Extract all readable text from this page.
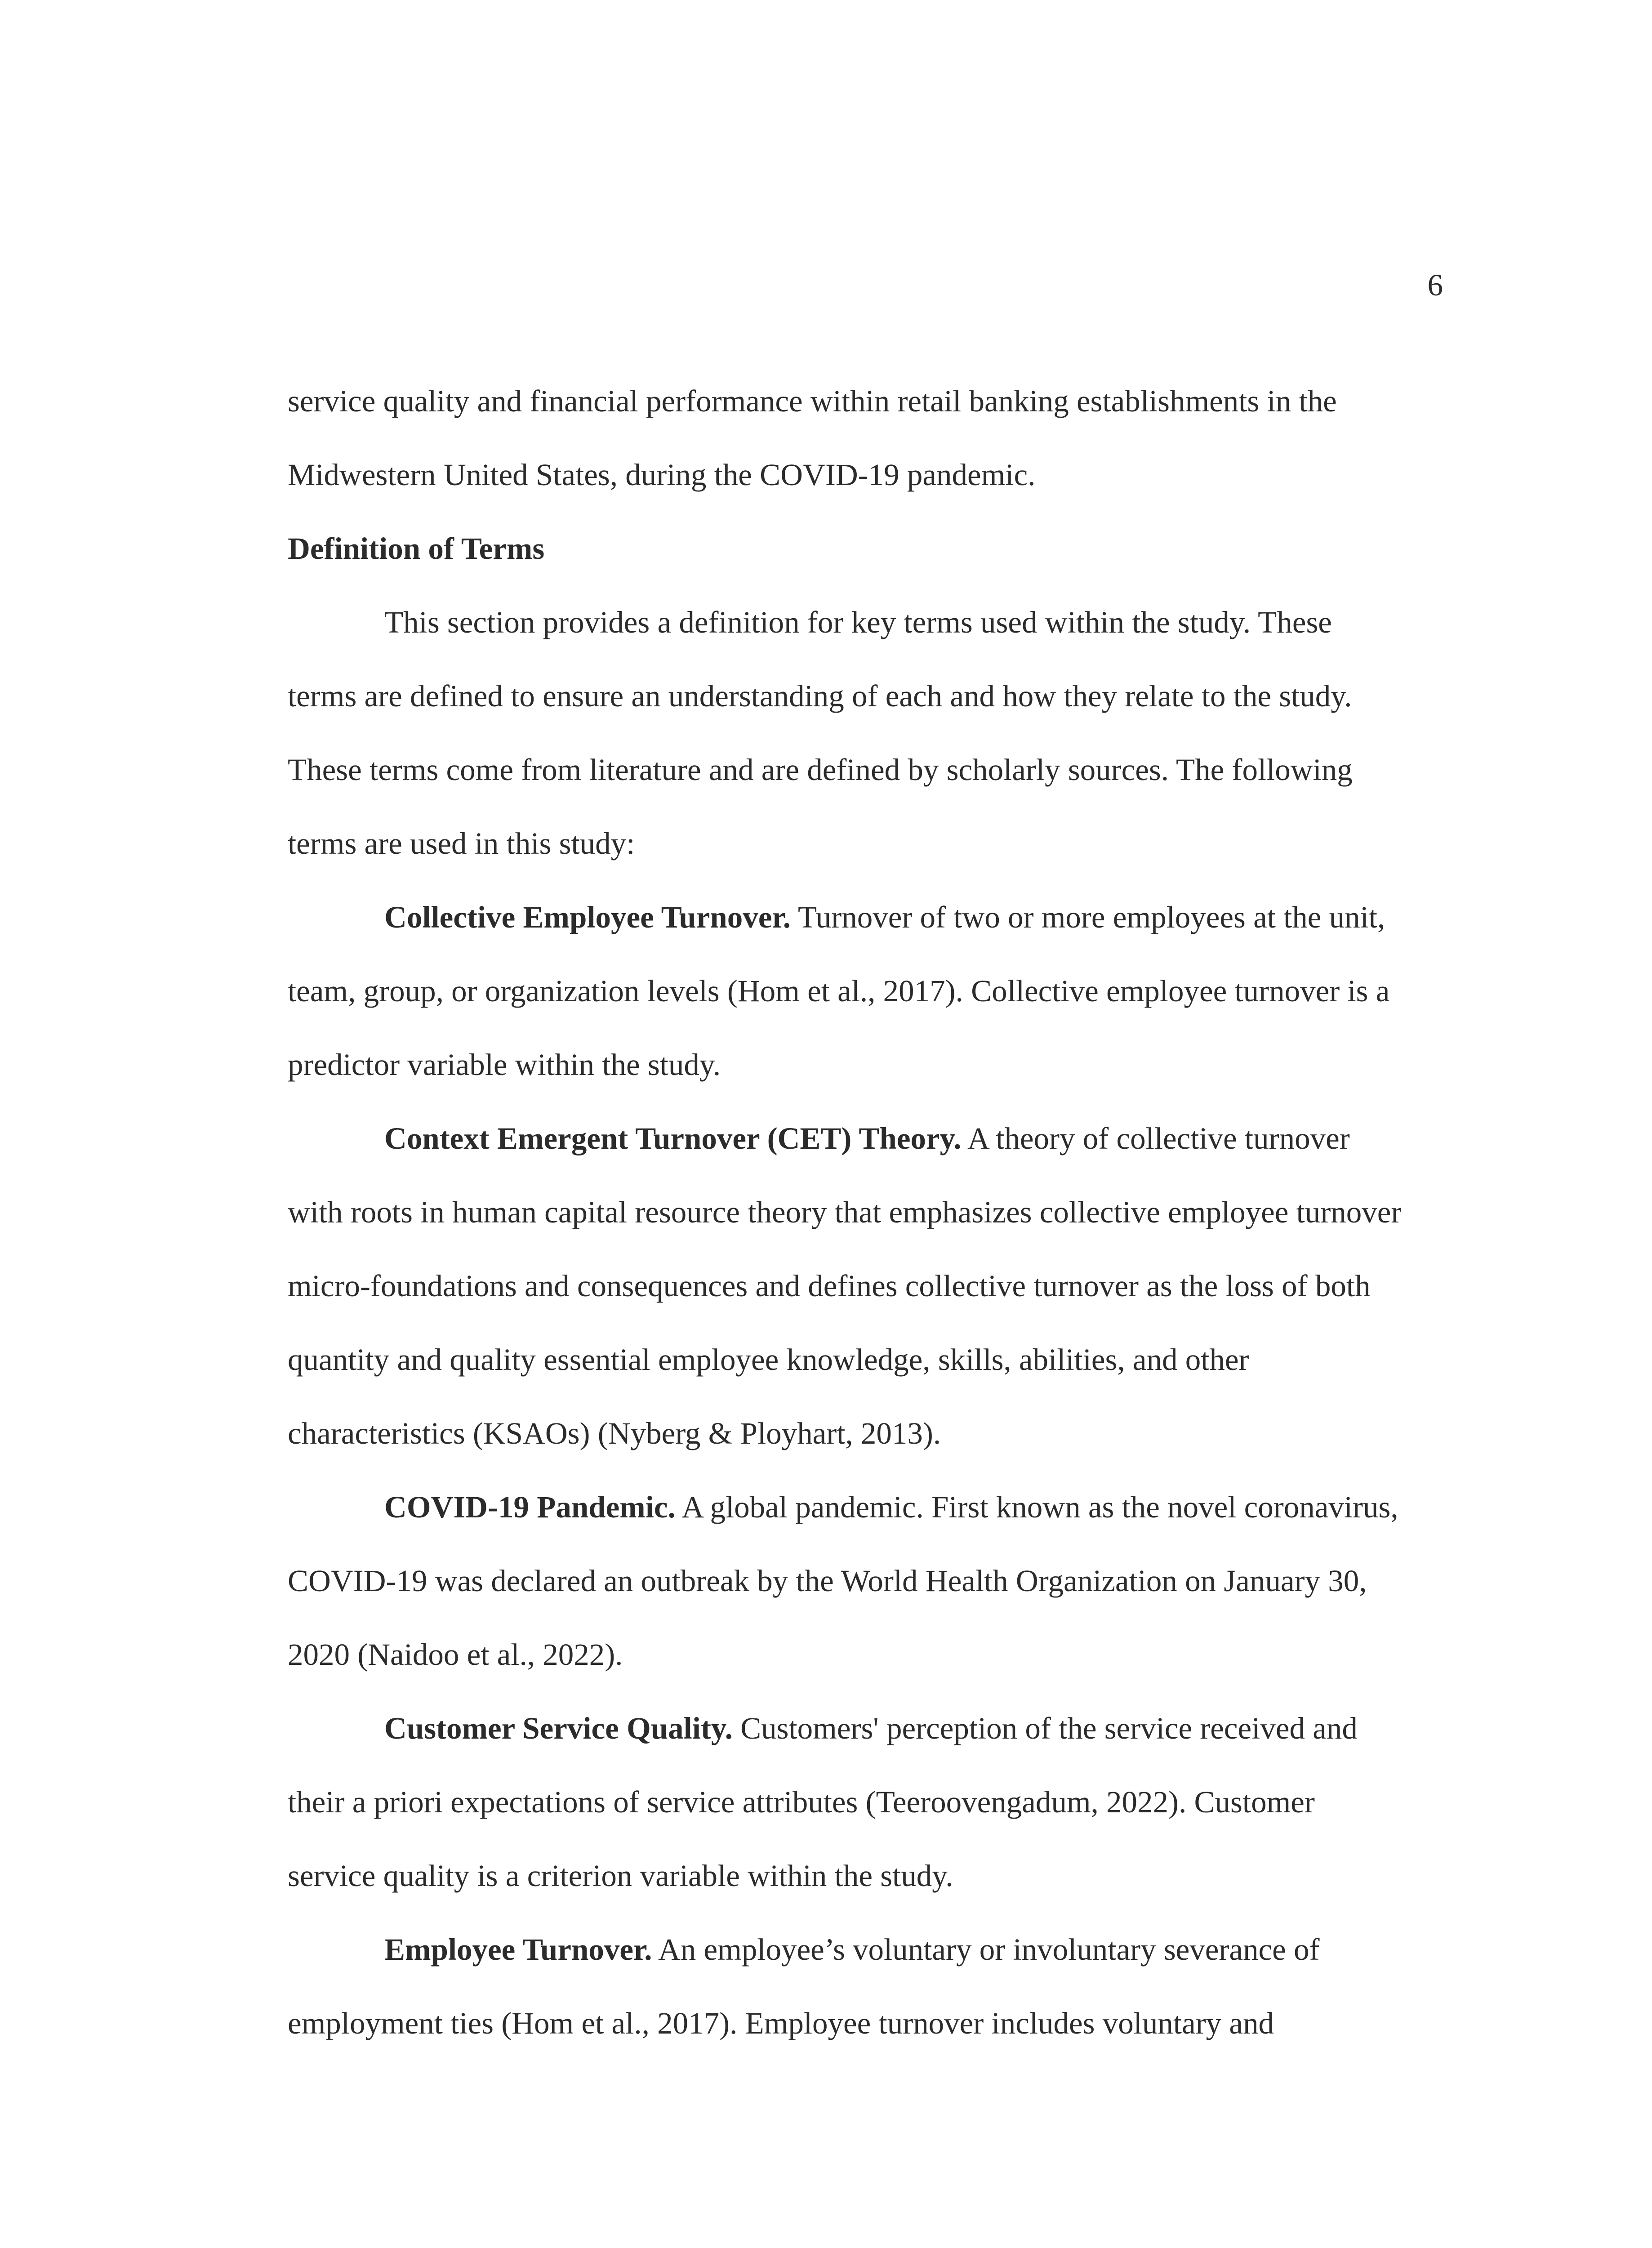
6
service quality and financial performance within retail banking establishments in the
Midwestern United States, during the COVID-19 pandemic.
Definition of Terms
This section provides a definition for key terms used within the study. These
terms are defined to ensure an understanding of each and how they relate to the study.
These terms come from literature and are defined by scholarly sources. The following
terms are used in this study:
Collective Employee Turnover. Turnover of two or more employees at the unit,
team, group, or organization levels (Hom et al., 2017). Collective employee turnover is a
predictor variable within the study.
Context Emergent Turnover (CET) Theory. A theory of collective turnover
with roots in human capital resource theory that emphasizes collective employee turnover
micro-foundations and consequences and defines collective turnover as the loss of both
quantity and quality essential employee knowledge, skills, abilities, and other
characteristics (KSAOs) (Nyberg & Ployhart, 2013).
COVID-19 Pandemic. A global pandemic. First known as the novel coronavirus,
COVID-19 was declared an outbreak by the World Health Organization on January 30,
2020 (Naidoo et al., 2022).
Customer Service Quality. Customers' perception of the service received and
their a priori expectations of service attributes (Teeroovengadum, 2022). Customer
service quality is a criterion variable within the study.
Employee Turnover. An employee’s voluntary or involuntary severance of
employment ties (Hom et al., 2017). Employee turnover includes voluntary and
